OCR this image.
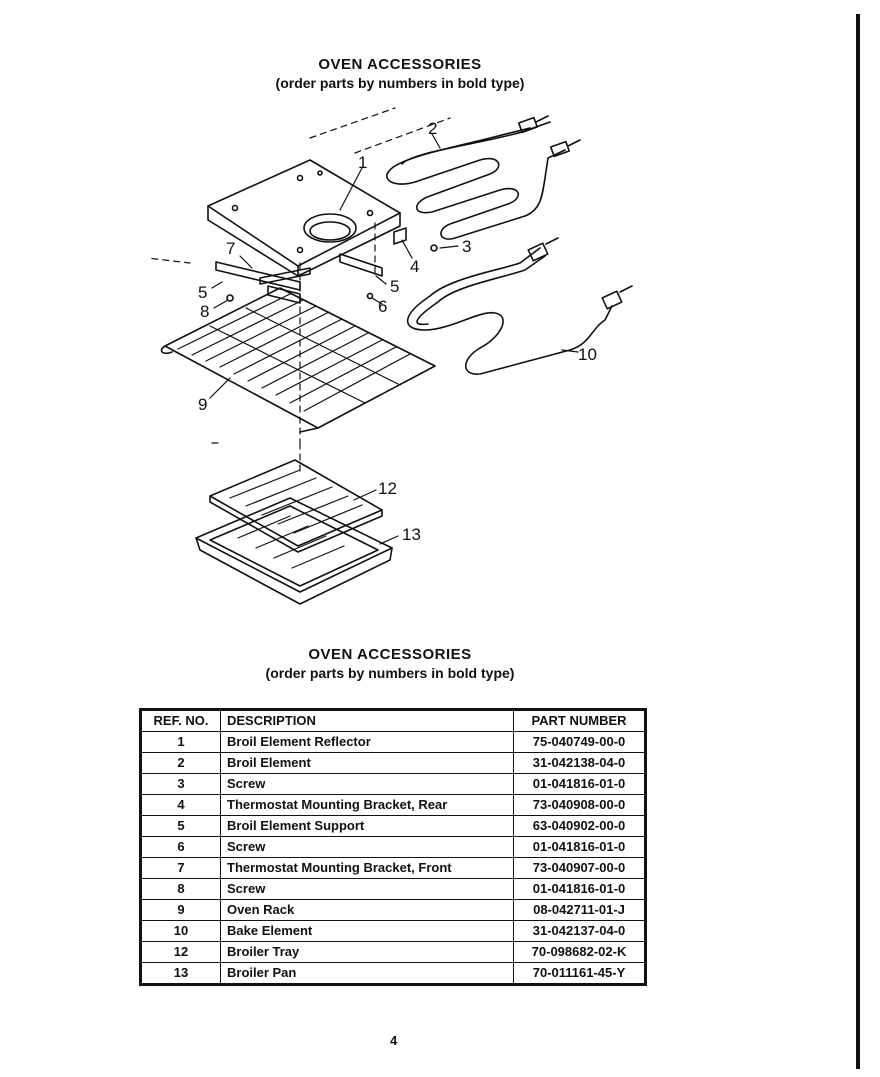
OVEN ACCESSORIES
(order parts by numbers in bold type)
1
2
3
4
5
5
6
7
8
9
10
12
13
OVEN ACCESSORIES
(order parts by numbers in bold type)
REF. NO.	DESCRIPTION	PART NUMBER
1	Broil Element Reflector	75-040749-00-0
2	Broil Element	31-042138-04-0
3	Screw	01-041816-01-0
4	Thermostat Mounting Bracket, Rear	73-040908-00-0
5	Broil Element Support	63-040902-00-0
6	Screw	01-041816-01-0
7	Thermostat Mounting Bracket, Front	73-040907-00-0
8	Screw	01-041816-01-0
9	Oven Rack	08-042711-01-J
10	Bake Element	31-042137-04-0
12	Broiler Tray	70-098682-02-K
13	Broiler Pan	70-011161-45-Y
4
